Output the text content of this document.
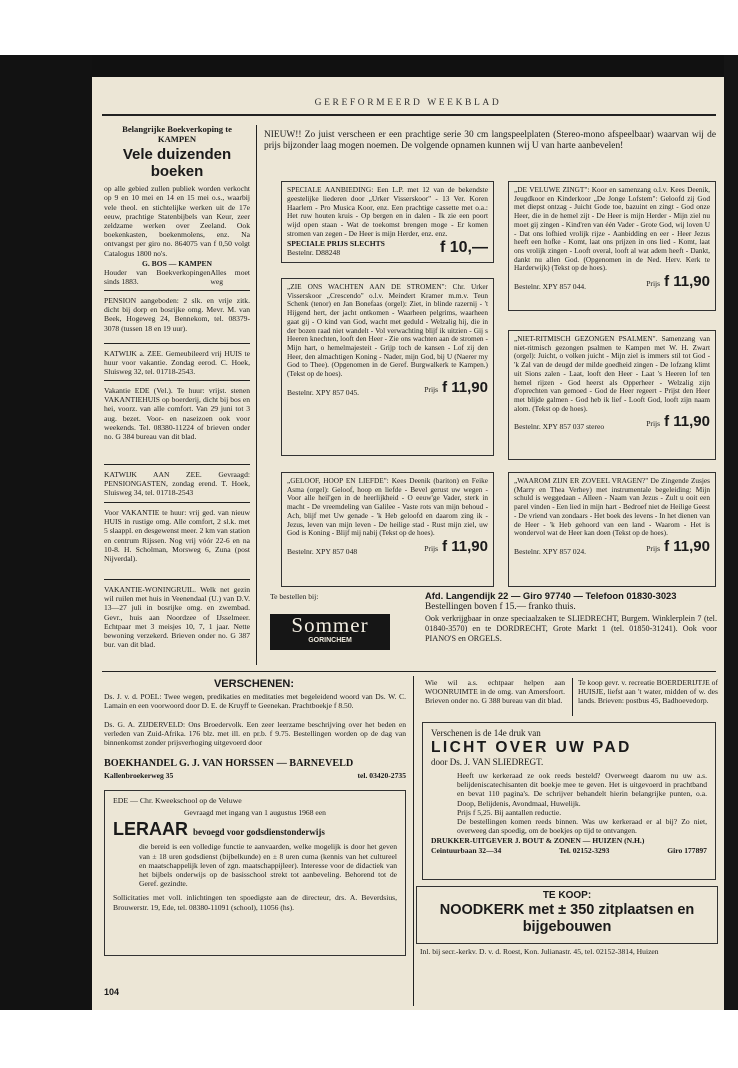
GEREFORMEERD WEEKBLAD
Belangrijke Boekverkoping te KAMPEN
Vele duizenden boeken
op alle gebied zullen publiek worden verkocht op 9 en 10 mei en 14 en 15 mei o.s., waarbij vele theol. en stichtelijke werken uit de 17e eeuw, prachtige Statenbijbels van Keur, zeer zeldzame werken over Zeeland. Ook boekenkasten, boekenmolens, enz. Na ontvangst per giro no. 864075 van f 0,50 volgt Catalogus 1800 no's.
G. BOS — KAMPEN
Houder van Boekverkopingen sinds 1883.
Alles moet weg
PENSION aangeboden: 2 slk. en vrije zitk. dicht bij dorp en bosrijke omg. Mevr. M. van Beek, Hogeweg 24, Bennekom, tel. 08379-3078 (tussen 18 en 19 uur).
KATWIJK a. ZEE. Gemeubileerd vrij HUIS te huur voor vakantie. Zondag eerod. C. Hoek, Sluisweg 32, tel. 01718-2543.
Vakantie EDE (Vel.). Te huur: vrijst. stenen VAKANTIEHUIS op boerderij, dicht bij bos en hei, voorz. van alle comfort. Van 29 juni tot 3 aug. bezet. Voor- en naseizoen ook voor weekends. Tel. 08380-11224 of brieven onder no. G 384 bureau van dit blad.
KATWIJK AAN ZEE. Gevraagd: PENSIONGASTEN, zondag erend. T. Hoek, Sluisweg 34, tel. 01718-2543
Voor VAKANTIE te huur: vrij ged. van nieuw HUIS in rustige omg. Alle comfort, 2 sl.k. met 5 slaappl. en desgewenst meer. 2 km van station en centrum Rijssen. Nog vrij vóór 22-6 en na 10-8. H. Scholman, Morsweg 6, Zuna (post Nijverdal).
VAKANTIE-WONINGRUIL. Welk net gezin wil ruilen met huis in Veenendaal (U.) van D.V. 13—27 juli in bosrijke omg. en zwembad. Gevr., huis aan Noordzee of IJsselmeer. Echtpaar met 3 meisjes 10, 7, 1 jaar. Nette bewoning verzekerd. Brieven onder no. G 387 bur. van dit blad.
NIEUW!! Zo juist verscheen er een prachtige serie 30 cm langspeelplaten (Stereo-mono afspeelbaar) waarvan wij de prijs bijzonder laag mogen noemen. De volgende opnamen kunnen wij U van harte aanbevelen!
SPECIALE AANBIEDING: Een L.P. met 12 van de bekendste geestelijke liederen door „Urker Visserskoor" - 13 Ver. Koren Haarlem - Pro Musica Koor, enz. Een prachtige cassette met o.a.: Het ruw houten kruis - Op bergen en in dalen - Ik zie een poort wijd open staan - Wat de toekomst brengen moge - Er komen stromen van zegen - De Heer is mijn Herder, enz. enz.
SPECIALE PRIJS SLECHTS
Bestelnr. D88248	f 10,—
„DE VELUWE ZINGT": Koor en samenzang o.l.v. Kees Deenik, Jeugdkoor en Kinderkoor „De Jonge Lofstem": Geloofd zij God met diepst ontzag - Juicht Gode toe, bazuint en zingt - God onze Heer, die in de hemel zijt - De Heer is mijn Herder - Mijn ziel nu moet gij zingen - Kind'ren van één Vader - Grote God, wij loven U - Dat ons lofhied vrolijk rijze - Aanbidding en eer - Heer Jezus heeft een hofke - Komt, laat ons prijzen in ons lied - Komt, laat ons vrolijk zingen - Looft overal, looft al wat adem heeft - Dankt, dankt nu allen God. (Opgenomen in de Ned. Herv. Kerk te Harderwijk) (Tekst op de hoes).
Bestelnr. XPY 857 044.	Prijs f 11,90
„ZIE ONS WACHTEN AAN DE STROMEN": Chr. Urker Visserskoor „Crescendo" o.l.v. Meindert Kramer m.m.v. Teun Schenk (tenor) en Jan Bonefaas (orgel): Ziet, in blinde razernij - 't Hijgend hert, der jacht ontkomen - Waarheen pelgrims, waarheen gaat gij - O kind van God, wacht met geduld - Welzalig hij, die in der bozen raad niet wandelt - Vol verwachting blijf ik uitzien - Gij s Heeren knechten, looft den Heer - Zie ons wachten aan de stromen - Mijn hart, o hemelmajesteit - Grijp toch de kansen - Lof zij den Heer, den almachtigen Koning - Nader, mijn God, bij U (Naerer my God to Thee). (Opgenomen in de Geref. Burgwalkerk te Kampen.) (Tekst op de hoes).
Bestelnr. XPY 857 045.	Prijs f 11,90
„NIET-RITMISCH GEZONGEN PSALMEN". Samenzang van niet-ritmisch gezongen psalmen te Kampen met W. H. Zwart (orgel): Juicht, o volken juicht - Mijn ziel is immers stil tot God - 'k Zal van de deugd der milde goedheid zingen - De lofzang klimt uit Sions zalen - Laat, looft den Heer - Laat 's Heeren lof ten hemel rijzen - God heerst als Opperheer - Welzalig zijn d'oprechten van gemoed - God de Heer regeert - Prijst den Heer met blijde galmen - God heb ik lief - Looft God, looft zijn naam alom. (Tekst op de hoes).
Bestelnr. XPY 857 037 stereo	Prijs f 11,90
„GELOOF, HOOP EN LIEFDE": Kees Deenik (bariton) en Feike Asma (orgel): Geloof, hoop en liefde - Bevel gerust uw wegen - Voor alle heil'gen in de heerlijkheid - O eeuw'ge Vader, sterk in macht - De vreemdeling van Galilee - Vaste rots van mijn behoud - Ach, blijf met Uw genade - 'k Heb geloofd en daarom zing ik - Jezus, leven van mijn leven - De heilige stad - Rust mijn ziel, uw God is Koning - Blijf mij nabij (Tekst op de hoes).
Bestelnr. XPY 857 048	Prijs f 11,90
„WAAROM ZIJN ER ZOVEEL VRAGEN?" De Zingende Zusjes (Marry en Thea Verhey) met instrumentale begeleiding: Mijn schuld is weggedaan - Alleen - Naam van Jezus - Zult u ooit een parel vinden - Een lied in mijn hart - Bedroef niet de Heilige Geest - De vriend van zondaars - Het boek des levens - In het dienen van de Heer - 'k Heb gehoord van een land - Waarom - Het is wondervol wat de Heer kan doen (Tekst op de hoes).
Bestelnr. XPY 857 024.	Prijs f 11,90
Te bestellen bij:
Sommer
GORINCHEM
Afd. Langendijk 22 — Giro 97740 — Telefoon 01830-3023
Bestellingen boven f 15.— franko thuis.
Ook verkrijgbaar in onze speciaalzaken te SLIEDRECHT, Burgem. Winklerplein 7 (tel. 01840-3570) en te DORDRECHT, Grote Markt 1 (tel. 01850-31241). Ook voor PIANO'S en ORGELS.
VERSCHENEN:
Ds. J. v. d. POEL: Twee wegen, predikaties en meditaties met begeleidend woord van Ds. W. C. Lamain en een voorwoord door D. E. de Kruyff te Geenekan. Prachtboekje f 8.50.
Ds. G. A. ZIJDERVELD: Ons Broedervolk. Een zeer leerzame beschrijving over het beden en verleden van Zuid-Afrika. 176 blz. met ill. en pr.b. f 9.75. Bestellingen worden op de dag van binnenkomst zonder prijsverhoging uitgevoerd door
BOEKHANDEL G. J. VAN HORSSEN — BARNEVELD
Kallenbroekerweg 35	tel. 03420-2735
EDE — Chr. Kweekschool op de Veluwe
Gevraagd met ingang van 1 augustus 1968 een
LERAAR bevoegd voor godsdienstonderwijs
die bereid is een volledige functie te aanvaarden, welke mogelijk is door het geven van ± 18 uren godsdienst (bijbelkunde) en ± 8 uren cuma (kennis van het cultureel en maatschappelijk leven of zgn. maatschappijleer). Interesse voor de didactiek van het bijbels onderwijs op de basisschool strekt tot aanbeveling. Behorend tot de Geref. gezindte.
Sollicitaties met voll. inlichtingen ten spoedigste aan de directeur, drs. A. Beverdsius, Brouwerstr. 19, Ede, tel. 08380-11091 (school), 11056 (hs).
104
Wie wil a.s. echtpaar helpen aan WOONRUIMTE in de omg. van Amersfoort. Brieven onder no. G 388 bureau van dit blad.
Te koop gevr. v. recreatie BOERDERIJTJE of HUISJE, liefst aan 't water, midden of w. des lands. Brieven: postbus 45, Badhoevedorp.
Verschenen is de 14e druk van
LICHT OVER UW PAD
door Ds. J. VAN SLIEDREGT.
Heeft uw kerkeraad ze ook reeds besteld? Overweegt daarom nu uw a.s. belijdeniscatechisanten dit boekje mee te geven. Het is uitgevoerd in prachtband en bevat 110 pagina's. De schrijver behandelt hierin belangrijke punten, o.a. Doop, Belijdenis, Avondmaal, Huwelijk.
Prijs f 5,25. Bij aantallen reductie.
De bestellingen komen reeds binnen. Was uw kerkeraad er al bij? Zo niet, overweeg dan spoedig, om de boekjes op tijd te ontvangen.
DRUKKER-UITGEVER J. BOUT & ZONEN — HUIZEN (N.H.)
Ceintuurbaan 32—34	Tel. 02152-3293	Giro 177897
TE KOOP:
NOODKERK met ± 350 zitplaatsen en bijgebouwen
Inl. bij secr.-kerkv. D. v. d. Roest, Kon. Julianastr. 45, tel. 02152-3814, Huizen
